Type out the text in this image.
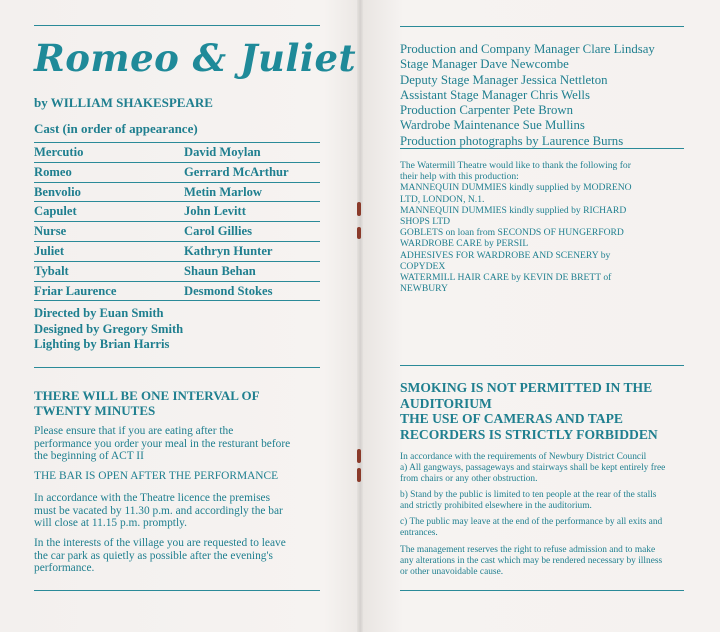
Romeo & Juliet
by WILLIAM SHAKESPEARE
Cast (in order of appearance)
Mercutio	David Moylan
Romeo	Gerrard McArthur
Benvolio	Metin Marlow
Capulet	John Levitt
Nurse	Carol Gillies
Juliet	Kathryn Hunter
Tybalt	Shaun Behan
Friar Laurence	Desmond Stokes
Directed by Euan Smith
Designed by Gregory Smith
Lighting by Brian Harris
THERE WILL BE ONE INTERVAL OF
TWENTY MINUTES
Please ensure that if you are eating after the
performance you order your meal in the resturant before
the beginning of ACT II
THE BAR IS OPEN AFTER THE PERFORMANCE
In accordance with the Theatre licence the premises
must be vacated by 11.30 p.m. and accordingly the bar
will close at 11.15 p.m. promptly.
In the interests of the village you are requested to leave
the car park as quietly as possible after the evening's
performance.
Production and Company Manager Clare Lindsay
Stage Manager Dave Newcombe
Deputy Stage Manager Jessica Nettleton
Assistant Stage Manager Chris Wells
Production Carpenter Pete Brown
Wardrobe Maintenance Sue Mullins
Production photographs by Laurence Burns
The Watermill Theatre would like to thank the following for
their help with this production:
MANNEQUIN DUMMIES kindly supplied by MODRENO
LTD, LONDON, N.1.
MANNEQUIN DUMMIES kindly supplied by RICHARD
SHOPS LTD
GOBLETS on loan from SECONDS OF HUNGERFORD
WARDROBE CARE by PERSIL
ADHESIVES FOR WARDROBE AND SCENERY by
COPYDEX
WATERMILL HAIR CARE by KEVIN DE BRETT of
NEWBURY
SMOKING IS NOT PERMITTED IN THE
AUDITORIUM
THE USE OF CAMERAS AND TAPE
RECORDERS IS STRICTLY FORBIDDEN
In accordance with the requirements of Newbury District Council
a) All gangways, passageways and stairways shall be kept entirely free
from chairs or any other obstruction.
b) Stand by the public is limited to ten people at the rear of the stalls
and strictly prohibited elsewhere in the auditorium.
c) The public may leave at the end of the performance by all exits and
entrances.
The management reserves the right to refuse admission and to make
any alterations in the cast which may be rendered necessary by illness
or other unavoidable cause.
